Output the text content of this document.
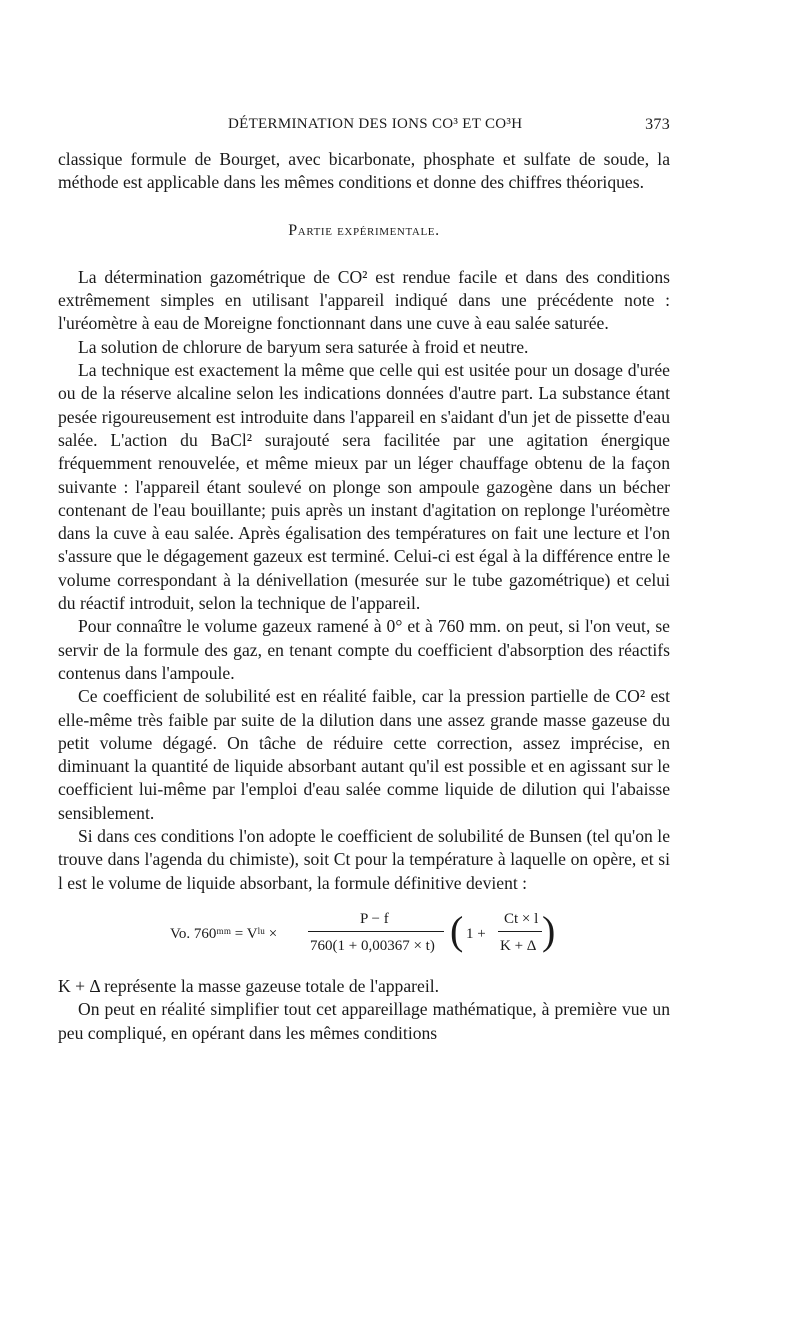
DÉTERMINATION DES IONS CO³ ET CO³H	373

classique formule de Bourget, avec bicarbonate, phosphate et sulfate de soude, la méthode est applicable dans les mêmes conditions et donne des chiffres théoriques.

Partie expérimentale.

La détermination gazométrique de CO² est rendue facile et dans des conditions extrêmement simples en utilisant l'appareil indiqué dans une précédente note : l'uréomètre à eau de Moreigne fonctionnant dans une cuve à eau salée saturée.

La solution de chlorure de baryum sera saturée à froid et neutre.

La technique est exactement la même que celle qui est usitée pour un dosage d'urée ou de la réserve alcaline selon les indications données d'autre part. La substance étant pesée rigoureusement est introduite dans l'appareil en s'aidant d'un jet de pissette d'eau salée. L'action du BaCl² surajouté sera facilitée par une agitation énergique fréquemment renouvelée, et même mieux par un léger chauffage obtenu de la façon suivante : l'appareil étant soulevé on plonge son ampoule gazogène dans un bécher contenant de l'eau bouillante; puis après un instant d'agitation on replonge l'uréomètre dans la cuve à eau salée. Après égalisation des températures on fait une lecture et l'on s'assure que le dégagement gazeux est terminé. Celui-ci est égal à la différence entre le volume correspondant à la dénivellation (mesurée sur le tube gazométrique) et celui du réactif introduit, selon la technique de l'appareil.

Pour connaître le volume gazeux ramené à 0° et à 760 mm. on peut, si l'on veut, se servir de la formule des gaz, en tenant compte du coefficient d'absorption des réactifs contenus dans l'ampoule.

Ce coefficient de solubilité est en réalité faible, car la pression partielle de CO² est elle-même très faible par suite de la dilution dans une assez grande masse gazeuse du petit volume dégagé. On tâche de réduire cette correction, assez imprécise, en diminuant la quantité de liquide absorbant autant qu'il est possible et en agissant sur le coefficient lui-même par l'emploi d'eau salée comme liquide de dilution qui l'abaisse sensiblement.

Si dans ces conditions l'on adopte le coefficient de solubilité de Bunsen (tel qu'on le trouve dans l'agenda du chimiste), soit Ct pour la température à laquelle on opère, et si l est le volume de liquide absorbant, la formule définitive devient :

Vo. 760ᵐᵐ = Vˡᵘ ×
P − f
760(1 + 0,00367 × t) ( 1 +
Ct × l
K + Δ )

K + Δ représente la masse gazeuse totale de l'appareil.

On peut en réalité simplifier tout cet appareillage mathématique, à première vue un peu compliqué, en opérant dans les mêmes conditions
